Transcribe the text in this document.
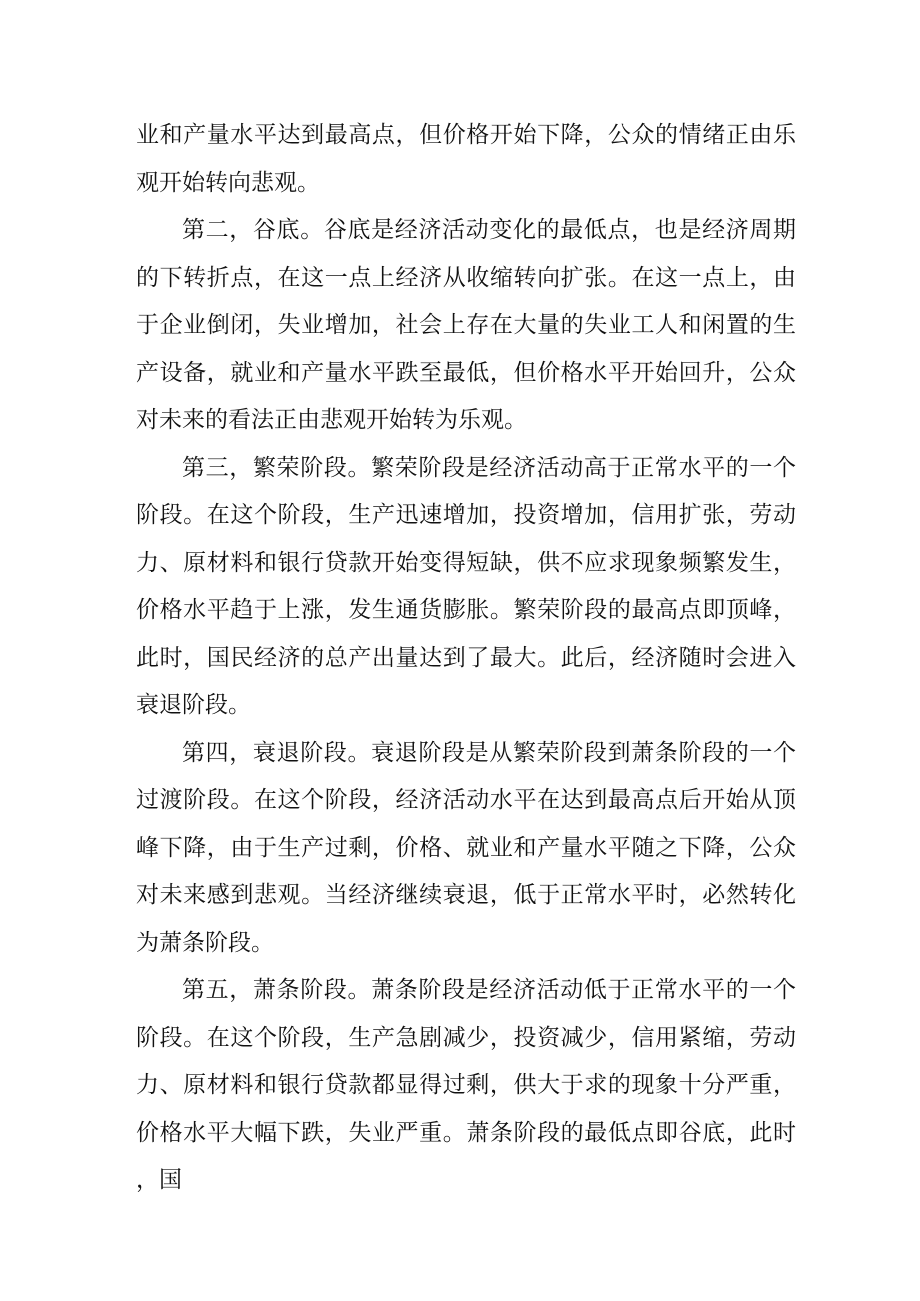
业和产量水平达到最高点，但价格开始下降，公众的情绪正由乐观开始转向悲观。

第二，谷底。谷底是经济活动变化的最低点，也是经济周期的下转折点，在这一点上经济从收缩转向扩张。在这一点上，由于企业倒闭，失业增加，社会上存在大量的失业工人和闲置的生产设备，就业和产量水平跌至最低，但价格水平开始回升，公众对未来的看法正由悲观开始转为乐观。

第三，繁荣阶段。繁荣阶段是经济活动高于正常水平的一个阶段。在这个阶段，生产迅速增加，投资增加，信用扩张，劳动力、原材料和银行贷款开始变得短缺，供不应求现象频繁发生，价格水平趋于上涨，发生通货膨胀。繁荣阶段的最高点即顶峰，此时，国民经济的总产出量达到了最大。此后，经济随时会进入衰退阶段。

第四，衰退阶段。衰退阶段是从繁荣阶段到萧条阶段的一个过渡阶段。在这个阶段，经济活动水平在达到最高点后开始从顶峰下降，由于生产过剩，价格、就业和产量水平随之下降，公众对未来感到悲观。当经济继续衰退，低于正常水平时，必然转化为萧条阶段。

第五，萧条阶段。萧条阶段是经济活动低于正常水平的一个阶段。在这个阶段，生产急剧减少，投资减少，信用紧缩，劳动力、原材料和银行贷款都显得过剩，供大于求的现象十分严重，价格水平大幅下跌，失业严重。萧条阶段的最低点即谷底，此时，国
